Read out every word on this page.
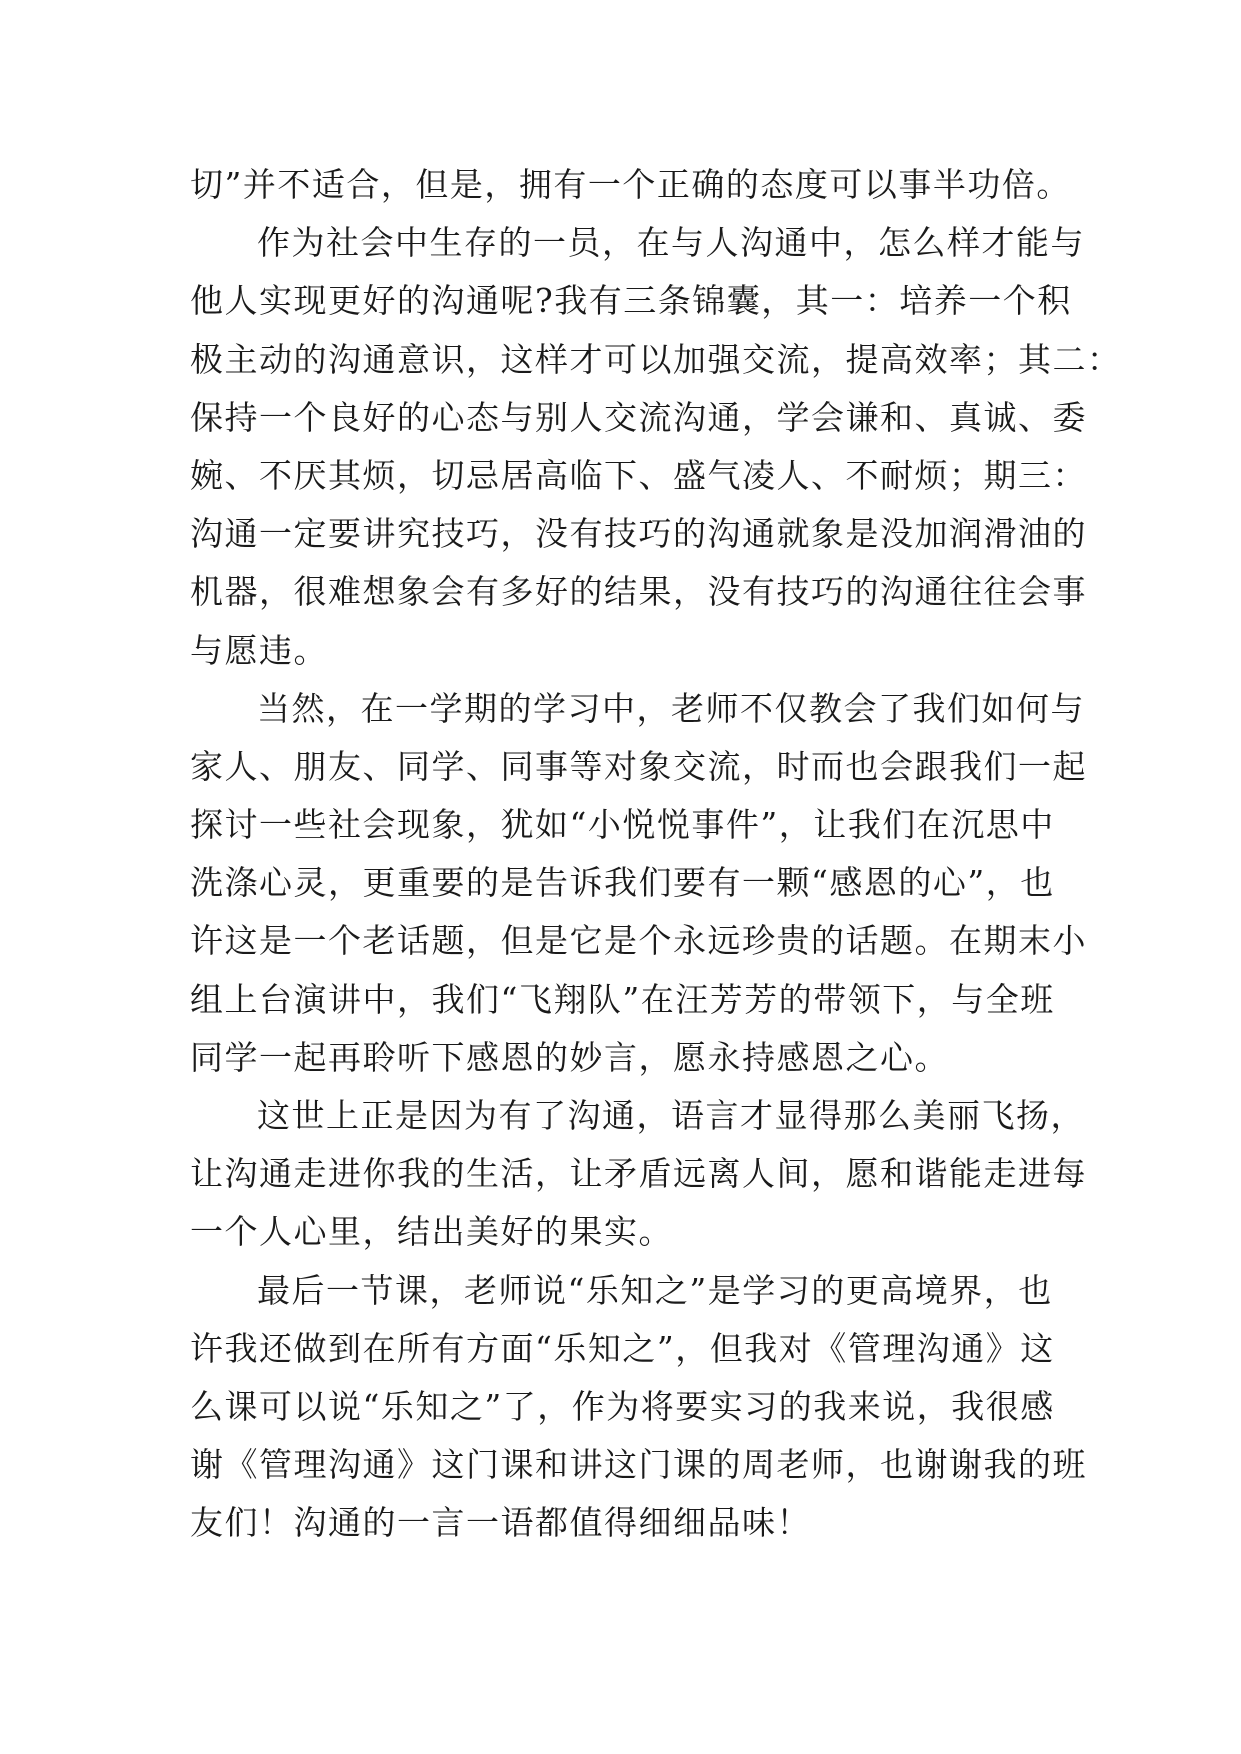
切”并不适合，但是，拥有一个正确的态度可以事半功倍。
作为社会中生存的一员，在与人沟通中，怎么样才能与
他人实现更好的沟通呢?我有三条锦囊，其一：培养一个积
极主动的沟通意识，这样才可以加强交流，提高效率；其二：
保持一个良好的心态与别人交流沟通，学会谦和、真诚、委
婉、不厌其烦，切忌居高临下、盛气凌人、不耐烦；期三：
沟通一定要讲究技巧，没有技巧的沟通就象是没加润滑油的
机器，很难想象会有多好的结果，没有技巧的沟通往往会事
与愿违。
当然，在一学期的学习中，老师不仅教会了我们如何与
家人、朋友、同学、同事等对象交流，时而也会跟我们一起
探讨一些社会现象，犹如“小悦悦事件”，让我们在沉思中
洗涤心灵，更重要的是告诉我们要有一颗“感恩的心”，也
许这是一个老话题，但是它是个永远珍贵的话题。在期末小
组上台演讲中，我们“飞翔队”在汪芳芳的带领下，与全班
同学一起再聆听下感恩的妙言，愿永持感恩之心。
这世上正是因为有了沟通，语言才显得那么美丽飞扬，
让沟通走进你我的生活，让矛盾远离人间，愿和谐能走进每
一个人心里，结出美好的果实。
最后一节课，老师说“乐知之”是学习的更高境界，也
许我还做到在所有方面“乐知之”，但我对《管理沟通》这
么课可以说“乐知之”了，作为将要实习的我来说，我很感
谢《管理沟通》这门课和讲这门课的周老师，也谢谢我的班
友们！沟通的一言一语都值得细细品味！
